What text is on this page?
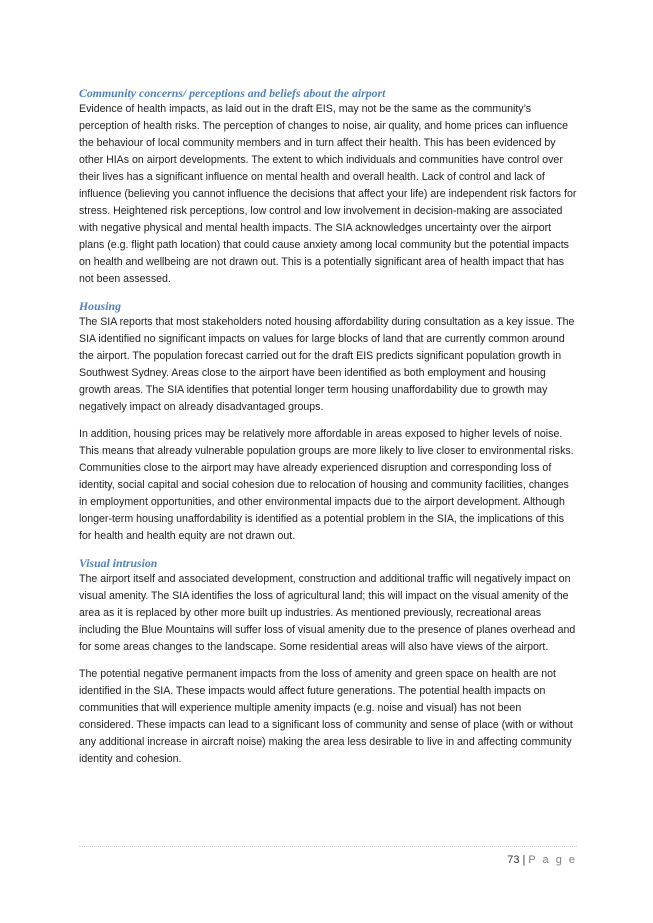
Community concerns/ perceptions and beliefs about the airport

Evidence of health impacts, as laid out in the draft EIS, may not be the same as the community’s perception of health risks. The perception of changes to noise, air quality, and home prices can influence the behaviour of local community members and in turn affect their health. This has been evidenced by other HIAs on airport developments. The extent to which individuals and communities have control over their lives has a significant influence on mental health and overall health. Lack of control and lack of influence (believing you cannot influence the decisions that affect your life) are independent risk factors for stress. Heightened risk perceptions, low control and low involvement in decision-making are associated with negative physical and mental health impacts. The SIA acknowledges uncertainty over the airport plans (e.g. flight path location) that could cause anxiety among local community but the potential impacts on health and wellbeing are not drawn out. This is a potentially significant area of health impact that has not been assessed.

Housing

The SIA reports that most stakeholders noted housing affordability during consultation as a key issue. The SIA identified no significant impacts on values for large blocks of land that are currently common around the airport. The population forecast carried out for the draft EIS predicts significant population growth in Southwest Sydney. Areas close to the airport have been identified as both employment and housing growth areas. The SIA identifies that potential longer term housing unaffordability due to growth may negatively impact on already disadvantaged groups.

In addition, housing prices may be relatively more affordable in areas exposed to higher levels of noise. This means that already vulnerable population groups are more likely to live closer to environmental risks. Communities close to the airport may have already experienced disruption and corresponding loss of identity, social capital and social cohesion due to relocation of housing and community facilities, changes in employment opportunities, and other environmental impacts due to the airport development. Although longer-term housing unaffordability is identified as a potential problem in the SIA, the implications of this for health and health equity are not drawn out.

Visual intrusion

The airport itself and associated development, construction and additional traffic will negatively impact on visual amenity. The SIA identifies the loss of agricultural land; this will impact on the visual amenity of the area as it is replaced by other more built up industries. As mentioned previously, recreational areas including the Blue Mountains will suffer loss of visual amenity due to the presence of planes overhead and for some areas changes to the landscape. Some residential areas will also have views of the airport.

The potential negative permanent impacts from the loss of amenity and green space on health are not identified in the SIA. These impacts would affect future generations. The potential health impacts on communities that will experience multiple amenity impacts (e.g. noise and visual) has not been considered. These impacts can lead to a significant loss of community and sense of place (with or without any additional increase in aircraft noise) making the area less desirable to live in and affecting community identity and cohesion.

73 | P a g e
